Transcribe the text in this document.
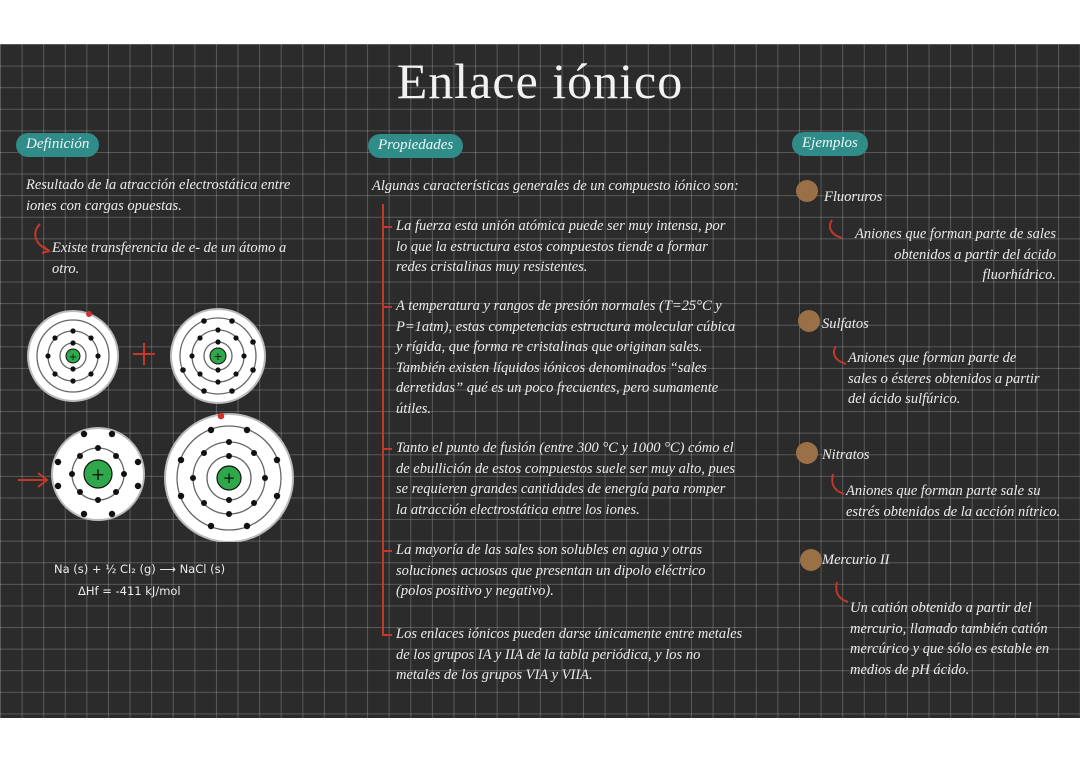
Enlace iónico
Definición
Resultado de la atracción electrostática entre iones con cargas opuestas.
Existe transferencia de e- de un átomo a otro.
+	+
+	+
Na (s) + ½ Cl₂ (g) ⟶ NaCl (s)
ΔHf = -411 kJ/mol
Propiedades
Algunas características generales de un compuesto iónico son:
La fuerza esta unión atómica puede ser muy intensa, por lo que la estructura estos compuestos tiende a formar redes cristalinas muy resistentes.
A temperatura y rangos de presión normales (T=25°C y P=1atm), estas competencias estructura molecular cúbica y rígida, que forma re cristalinas que originan sales. También existen líquidos iónicos denominados “sales derretidas” qué es un poco frecuentes, pero sumamente útiles.
Tanto el punto de fusión (entre 300 °C y 1000 °C) cómo el de ebullición de estos compuestos suele ser muy alto, pues se requieren grandes cantidades de energía para romper la atracción electrostática entre los iones.
La mayoría de las sales son solubles en agua y otras soluciones acuosas que presentan un dipolo eléctrico (polos positivo y negativo).
Los enlaces iónicos pueden darse únicamente entre metales de los grupos IA y IIA de la tabla periódica, y los no metales de los grupos VIA y VIIA.
Ejemplos
Fluoruros
Aniones que forman parte de sales obtenidos a partir del ácido fluorhídrico.
Sulfatos
Aniones que forman parte de sales o ésteres obtenidos a partir del ácido sulfúrico.
Nitratos
Aniones que forman parte sale su estrés obtenidos de la acción nítrico.
Mercurio II
Un catión obtenido a partir del mercurio, llamado también catión mercúrico y que sólo es estable en medios de pH ácido.
